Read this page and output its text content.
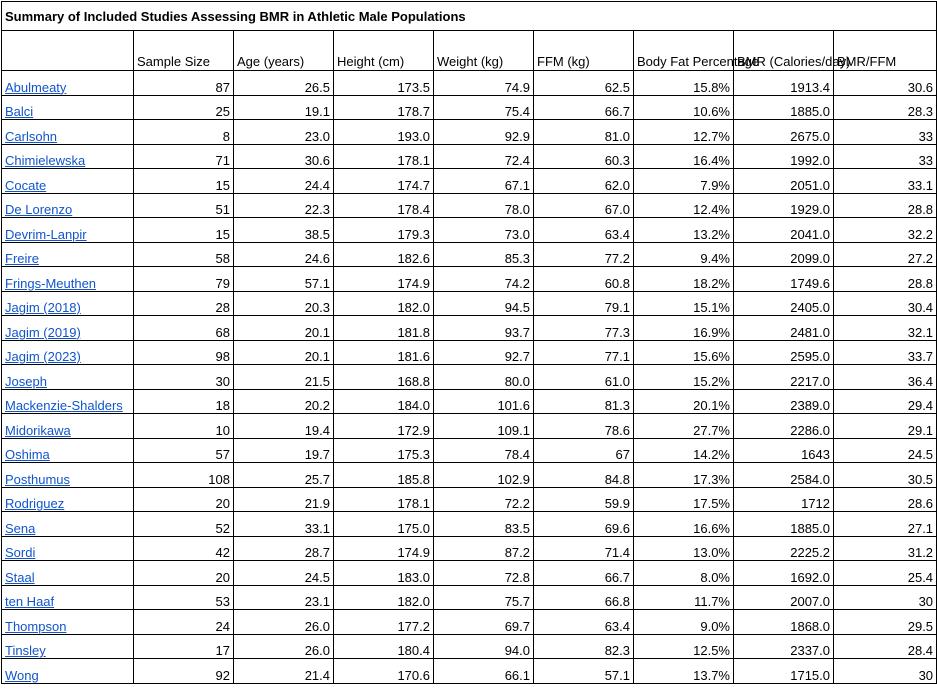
Summary of Included Studies Assessing BMR in Athletic Male Populations								
	Sample Size	Age (years)	Height (cm)	Weight (kg)	FFM (kg)	Body Fat Percentage	BMR (Calories/day)	BMR/FFM
Abulmeaty	87	26.5	173.5	74.9	62.5	15.8%	1913.4	30.6
Balci	25	19.1	178.7	75.4	66.7	10.6%	1885.0	28.3
Carlsohn	8	23.0	193.0	92.9	81.0	12.7%	2675.0	33
Chimielewska	71	30.6	178.1	72.4	60.3	16.4%	1992.0	33
Cocate	15	24.4	174.7	67.1	62.0	7.9%	2051.0	33.1
De Lorenzo	51	22.3	178.4	78.0	67.0	12.4%	1929.0	28.8
Devrim-Lanpir	15	38.5	179.3	73.0	63.4	13.2%	2041.0	32.2
Freire	58	24.6	182.6	85.3	77.2	9.4%	2099.0	27.2
Frings-Meuthen	79	57.1	174.9	74.2	60.8	18.2%	1749.6	28.8
Jagim (2018)	28	20.3	182.0	94.5	79.1	15.1%	2405.0	30.4
Jagim (2019)	68	20.1	181.8	93.7	77.3	16.9%	2481.0	32.1
Jagim (2023)	98	20.1	181.6	92.7	77.1	15.6%	2595.0	33.7
Joseph	30	21.5	168.8	80.0	61.0	15.2%	2217.0	36.4
Mackenzie-Shalders	18	20.2	184.0	101.6	81.3	20.1%	2389.0	29.4
Midorikawa	10	19.4	172.9	109.1	78.6	27.7%	2286.0	29.1
Oshima	57	19.7	175.3	78.4	67	14.2%	1643	24.5
Posthumus	108	25.7	185.8	102.9	84.8	17.3%	2584.0	30.5
Rodriguez	20	21.9	178.1	72.2	59.9	17.5%	1712	28.6
Sena	52	33.1	175.0	83.5	69.6	16.6%	1885.0	27.1
Sordi	42	28.7	174.9	87.2	71.4	13.0%	2225.2	31.2
Staal	20	24.5	183.0	72.8	66.7	8.0%	1692.0	25.4
ten Haaf	53	23.1	182.0	75.7	66.8	11.7%	2007.0	30
Thompson	24	26.0	177.2	69.7	63.4	9.0%	1868.0	29.5
Tinsley	17	26.0	180.4	94.0	82.3	12.5%	2337.0	28.4
Wong	92	21.4	170.6	66.1	57.1	13.7%	1715.0	30
